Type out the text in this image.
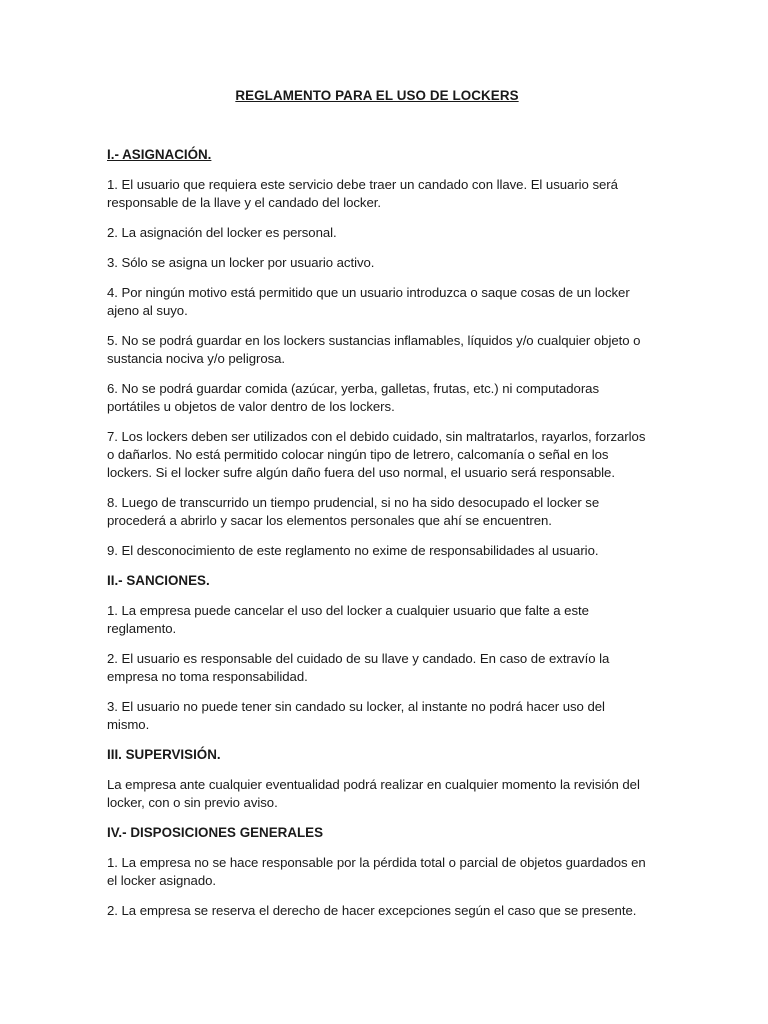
REGLAMENTO PARA EL USO DE LOCKERS
I.- ASIGNACIÓN.
1. El usuario que requiera este servicio debe traer un candado con llave. El usuario será responsable de la llave y el candado del locker.
2. La asignación del locker es personal.
3. Sólo se asigna un locker por usuario activo.
4. Por ningún motivo está permitido que un usuario introduzca o saque cosas de un locker ajeno al suyo.
5. No se podrá guardar en los lockers sustancias inflamables, líquidos y/o cualquier objeto o sustancia nociva y/o peligrosa.
6. No se podrá guardar comida (azúcar, yerba, galletas, frutas, etc.) ni computadoras portátiles u objetos de valor dentro de los lockers.
7. Los lockers deben ser utilizados con el debido cuidado, sin maltratarlos, rayarlos, forzarlos o dañarlos. No está permitido colocar ningún tipo de letrero, calcomanía o señal en los lockers. Si el locker sufre algún daño fuera del uso normal, el usuario será responsable.
8. Luego de transcurrido un tiempo prudencial, si no ha sido desocupado el locker se procederá a abrirlo y sacar los elementos personales que ahí se encuentren.
9. El desconocimiento de este reglamento no exime de responsabilidades al usuario.
II.- SANCIONES.
1. La empresa puede cancelar el uso del locker a cualquier usuario que falte a este reglamento.
2. El usuario es responsable del cuidado de su llave y candado. En caso de extravío la empresa no toma responsabilidad.
3. El usuario no puede tener sin candado su locker, al instante no podrá hacer uso del mismo.
III. SUPERVISIÓN.
La empresa ante cualquier eventualidad podrá realizar en cualquier momento la revisión del locker, con o sin previo aviso.
IV.- DISPOSICIONES GENERALES
1. La empresa no se hace responsable por la pérdida total o parcial de objetos guardados en el locker asignado.
2. La empresa se reserva el derecho de hacer excepciones según el caso que se presente.
